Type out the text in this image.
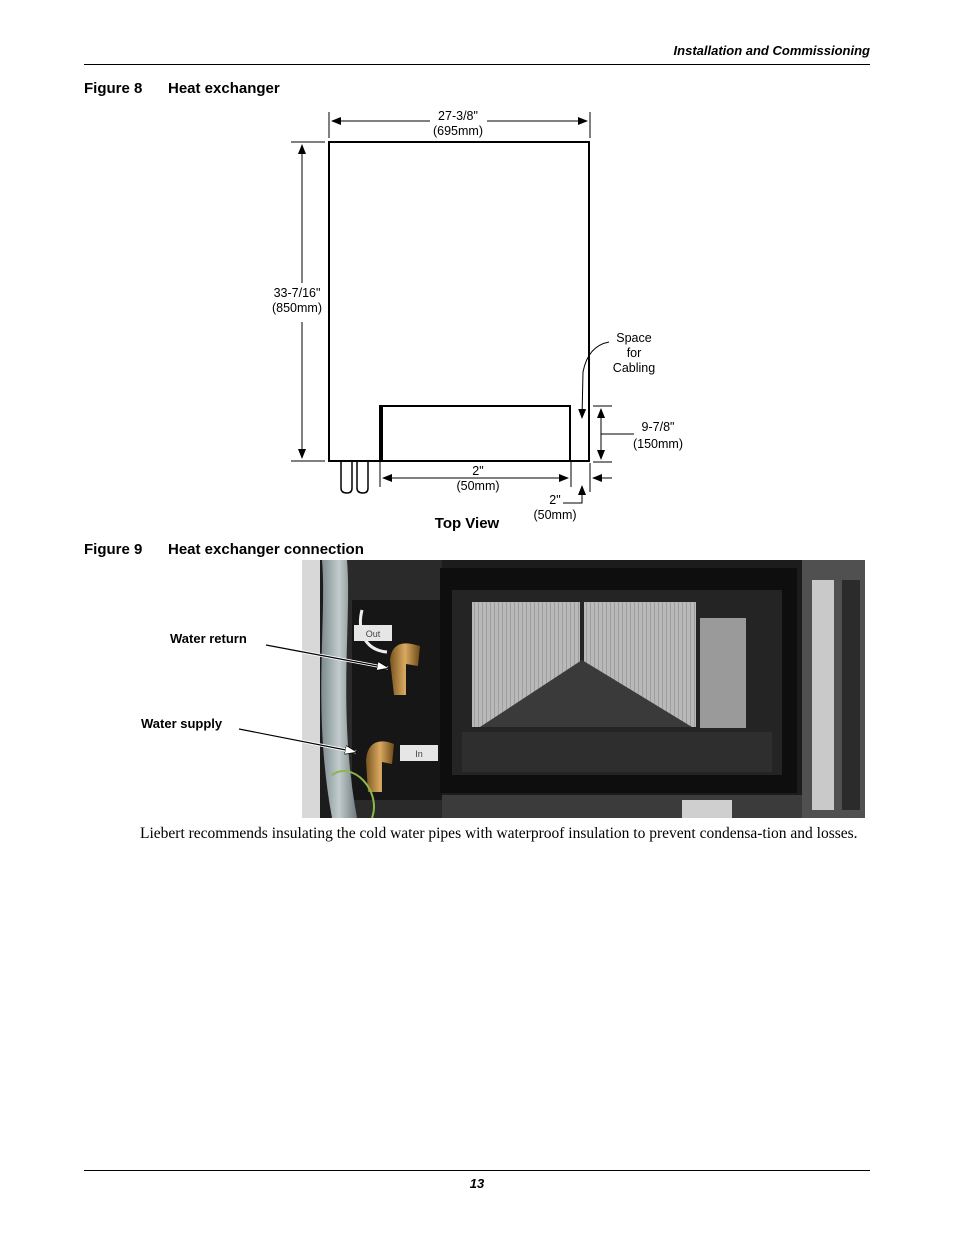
Installation and Commissioning
Figure 8 Heat exchanger
27-3/8"
(695mm)
33-7/16"
(850mm)
Space
for
Cabling
9-7/8"
(150mm)
2"
(50mm)
2"
(50mm)
Top View
Figure 9 Heat exchanger connection
Out
In
Water return
Water supply
Liebert recommends insulating the cold water pipes with waterproof insulation to prevent condensa-tion and losses.
13
